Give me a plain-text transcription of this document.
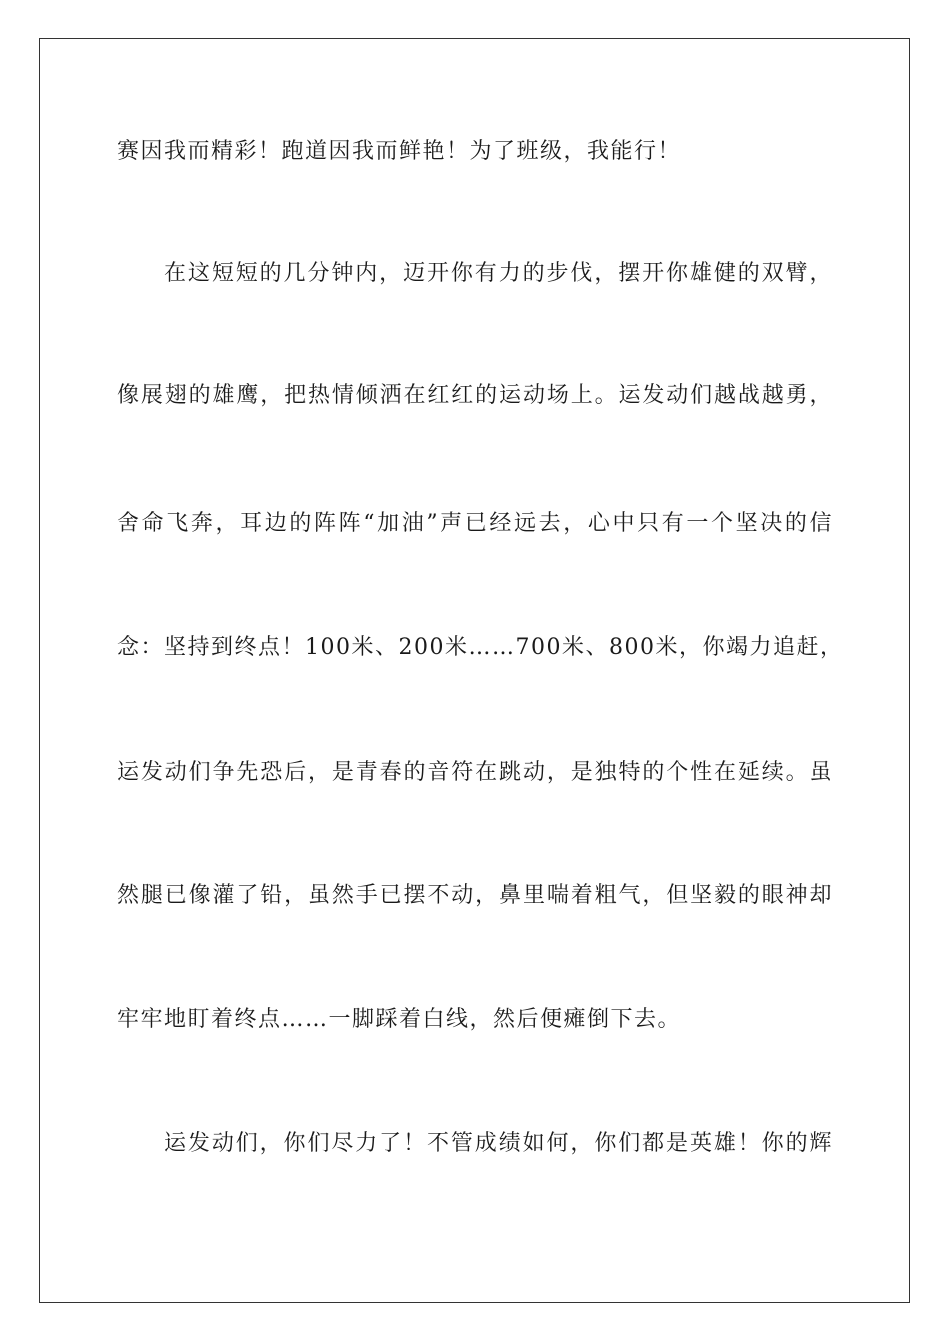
赛因我而精彩！跑道因我而鲜艳！为了班级，我能行！
在这短短的几分钟内，迈开你有力的步伐，摆开你雄健的双臂，
像展翅的雄鹰，把热情倾洒在红红的运动场上。运发动们越战越勇，
舍命飞奔，耳边的阵阵“加油”声已经远去，心中只有一个坚决的信
念：坚持到终点！100米、200米……700米、800米，你竭力追赶，
运发动们争先恐后，是青春的音符在跳动，是独特的个性在延续。虽
然腿已像灌了铅，虽然手已摆不动，鼻里喘着粗气，但坚毅的眼神却
牢牢地盯着终点……一脚踩着白线，然后便瘫倒下去。
运发动们，你们尽力了！不管成绩如何，你们都是英雄！你的辉
